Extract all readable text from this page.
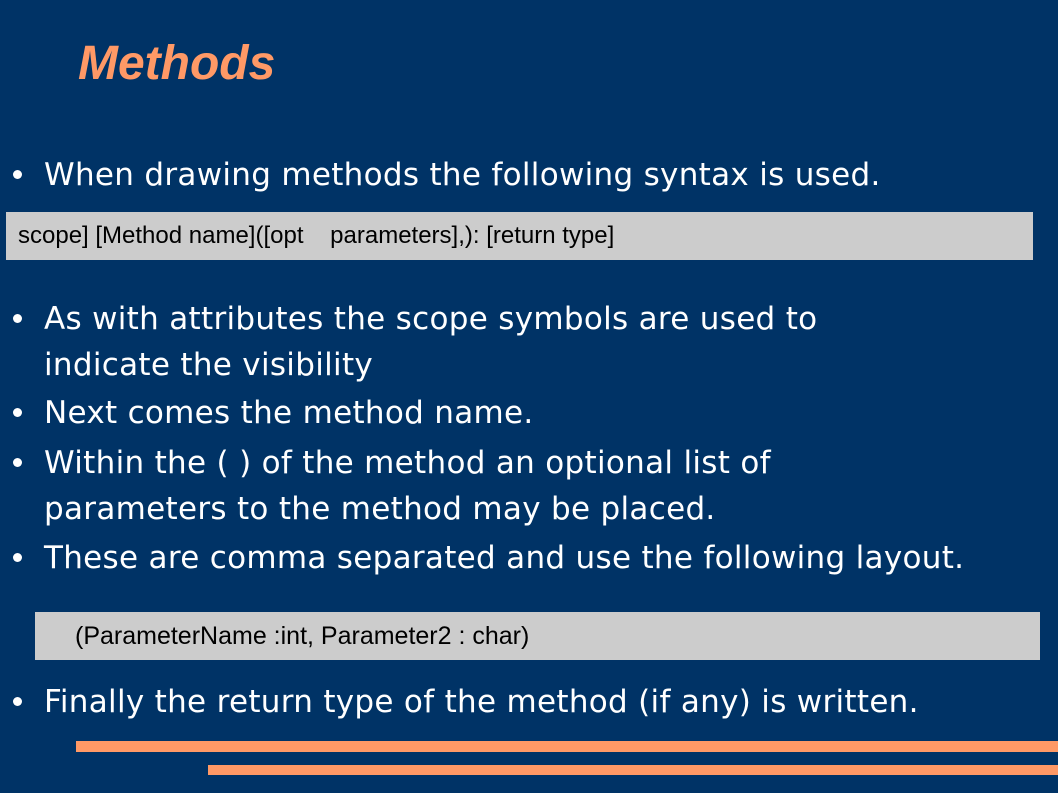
Methods
When drawing methods the following syntax is used.
scope] [Method name]([opt    parameters],): [return type]
As with attributes the scope symbols are used to indicate the visibility
Next comes the method name.
Within the ( ) of the method an optional list of parameters to the method may be placed.
These are comma separated and use the following layout.
(ParameterName :int, Parameter2 : char)
Finally the return type of the method (if any) is written.
